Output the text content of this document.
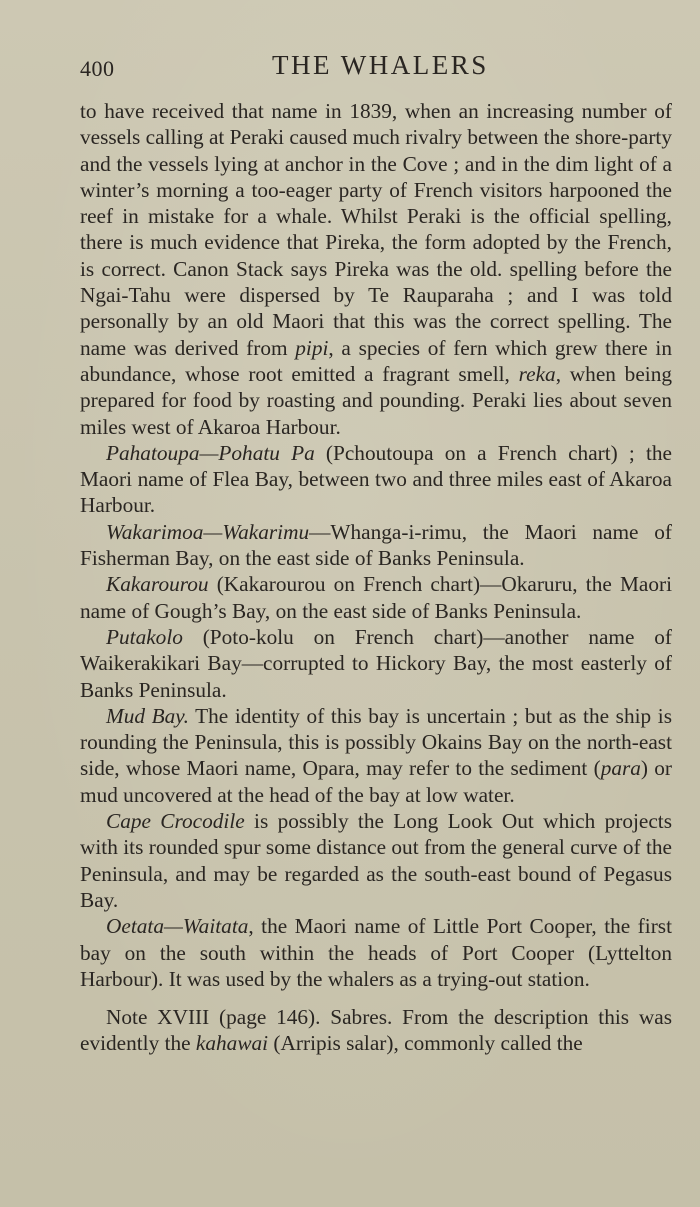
400	THE WHALERS

to have received that name in 1839, when an increasing number of vessels calling at Peraki caused much rivalry between the shore-party and the vessels lying at anchor in the Cove ; and in the dim light of a winter’s morning a too-eager party of French visitors harpooned the reef in mistake for a whale. Whilst Peraki is the official spelling, there is much evidence that Pireka, the form adopted by the French, is correct. Canon Stack says Pireka was the old. spelling before the Ngai-Tahu were dispersed by Te Rauparaha ; and I was told personally by an old Maori that this was the correct spelling. The name was derived from pipi, a species of fern which grew there in abundance, whose root emitted a fragrant smell, reka, when being prepared for food by roasting and pounding. Peraki lies about seven miles west of Akaroa Harbour.

Pahatoupa—Pohatu Pa (Pchoutoupa on a French chart) ; the Maori name of Flea Bay, between two and three miles east of Akaroa Harbour.

Wakarimoa—Wakarimu—Whanga-i-rimu, the Maori name of Fisherman Bay, on the east side of Banks Peninsula.

Kakarourou (Kakarourou on French chart)—Okaruru, the Maori name of Gough’s Bay, on the east side of Banks Peninsula.

Putakolo (Poto-kolu on French chart)—another name of Waikerakikari Bay—corrupted to Hickory Bay, the most easterly of Banks Peninsula.

Mud Bay. The identity of this bay is uncertain ; but as the ship is rounding the Peninsula, this is possibly Okains Bay on the north-east side, whose Maori name, Opara, may refer to the sediment (para) or mud uncovered at the head of the bay at low water.

Cape Crocodile is possibly the Long Look Out which projects with its rounded spur some distance out from the general curve of the Peninsula, and may be regarded as the south-east bound of Pegasus Bay.

Oetata—Waitata, the Maori name of Little Port Cooper, the first bay on the south within the heads of Port Cooper (Lyttelton Harbour). It was used by the whalers as a trying-out station.

Note XVIII (page 146). Sabres. From the description this was evidently the kahawai (Arripis salar), commonly called the
